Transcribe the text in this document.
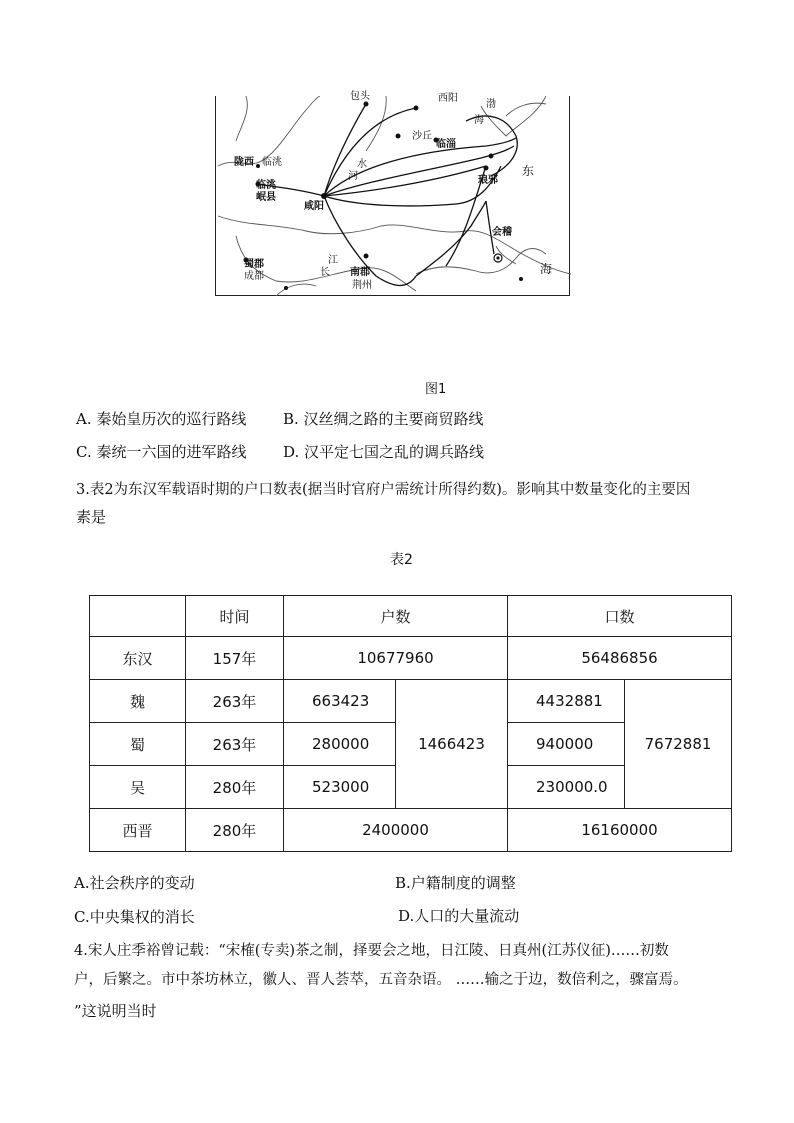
包头	西阳
渤
海
陇西 临洮
临洮
岷县
咸阳
沙丘
临淄
琅邪
东
蜀郡
成都	南郡
荆州
会稽
海
江
长
水
河
图1
A. 秦始皇历次的巡行路线 B. 汉丝绸之路的主要商贸路线
C. 秦统一六国的进军路线 D. 汉平定七国之乱的调兵路线
3.表2为东汉军载语时期的户口数表(据当时官府户需统计所得约数)。影响其中数量变化的主要因
素是
表2
	时间	户数		口数	
东汉	157年	10677960		56486856	
魏	263年	663423	1466423	4432881	7672881
蜀	263年	280000		940000	
吴	280年	523000		230000.0	
西晋	280年	2400000		16160000	
A.社会秩序的变动	B.户籍制度的调整
C.中央集权的消长	D.人口的大量流动
4.宋人庄季裕曾记载：“宋榷(专卖)茶之制，择要会之地，日江陵、日真州(江苏仪征)……初数
户，后繁之。市中茶坊林立，徽人、晋人荟萃，五音杂语。 ……输之于边，数倍利之，骤富焉。
”这说明当时
